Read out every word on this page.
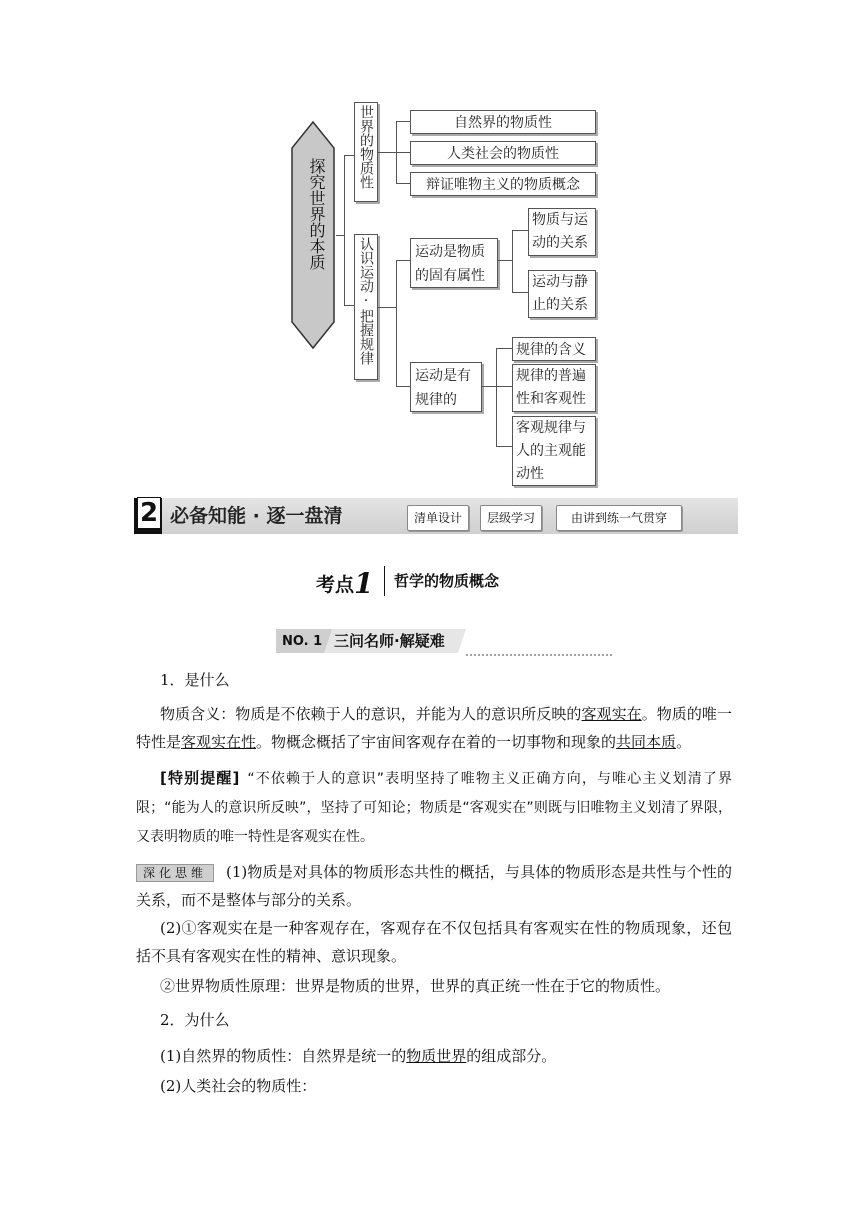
探究世界的本质
世界的物质性	自然界的物质性
人类社会的物质性
辩证唯物主义的物质概念
认识运动·把握规律	运动是物质的固有属性
运动是有规律的
物质与运动的关系
运动与静止的关系
规律的含义
规律的普遍性和客观性
客观规律与人的主观能动性
2 必备知能 · 逐一盘清	清单设计	层级学习	由讲到练一气贯穿
考点1 哲学的物质概念
NO. 1 三问名师·解疑难
1．是什么
物质含义：物质是不依赖于人的意识，并能为人的意识所反映的客观实在。物质的唯一特性是客观实在性。物概念概括了宇宙间客观存在着的一切事物和现象的共同本质。
[特别提醒] “不依赖于人的意识”表明坚持了唯物主义正确方向，与唯心主义划清了界限；“能为人的意识所反映”，坚持了可知论；物质是“客观实在”则既与旧唯物主义划清了界限，又表明物质的唯一特性是客观实在性。
深化思维 (1)物质是对具体的物质形态共性的概括，与具体的物质形态是共性与个性的关系，而不是整体与部分的关系。
(2)①客观实在是一种客观存在，客观存在不仅包括具有客观实在性的物质现象，还包括不具有客观实在性的精神、意识现象。
②世界物质性原理：世界是物质的世界，世界的真正统一性在于它的物质性。
2．为什么
(1)自然界的物质性：自然界是统一的物质世界的组成部分。
(2)人类社会的物质性：
